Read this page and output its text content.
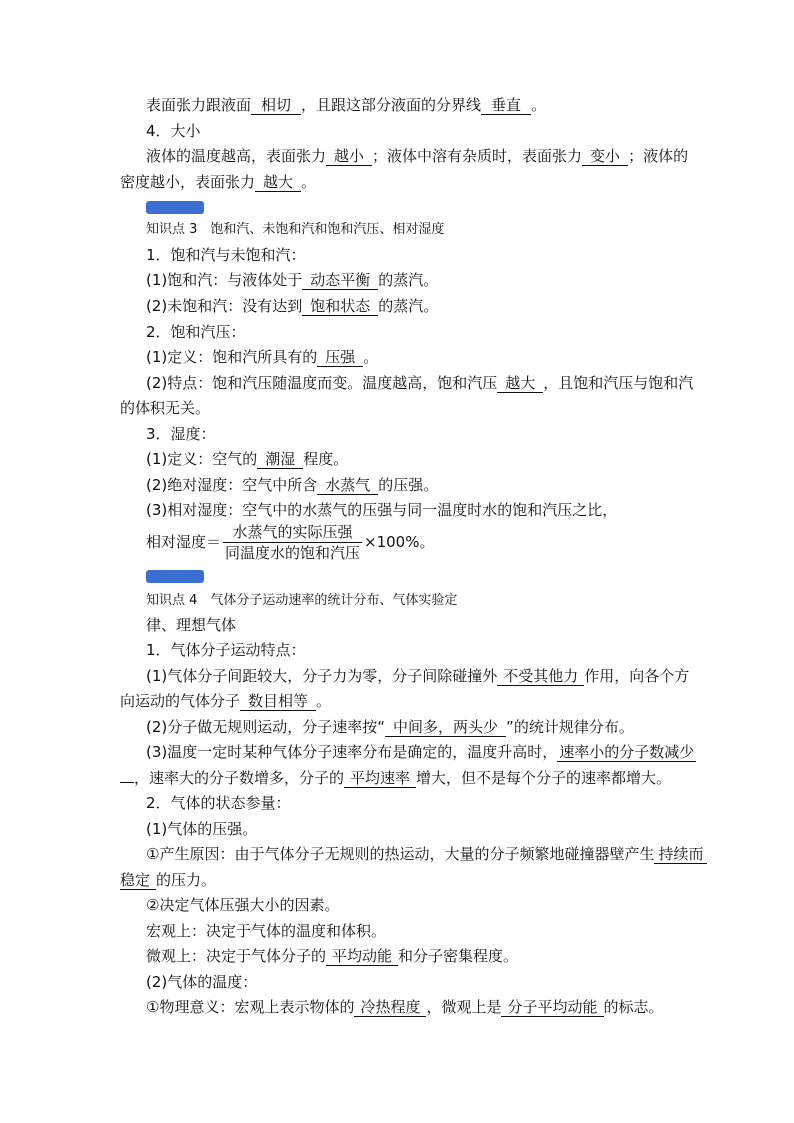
表面张力跟液面 相切 ，且跟这部分液面的分界线 垂直 。
4．大小
液体的温度越高，表面张力 越小 ；液体中溶有杂质时，表面张力 变小 ；液体的
密度越小，表面张力 越大 。
知识点 3　饱和汽、未饱和汽和饱和汽压、相对湿度
1．饱和汽与未饱和汽：
(1)饱和汽：与液体处于 动态平衡 的蒸汽。
(2)未饱和汽：没有达到 饱和状态 的蒸汽。
2．饱和汽压：
(1)定义：饱和汽所具有的 压强 。
(2)特点：饱和汽压随温度而变。温度越高，饱和汽压 越大 ，且饱和汽压与饱和汽
的体积无关。
3．湿度：
(1)定义：空气的 潮湿 程度。
(2)绝对湿度：空气中所含 水蒸气 的压强。
(3)相对湿度：空气中的水蒸气的压强与同一温度时水的饱和汽压之比，
相对湿度＝ $\frac{\text{水蒸气的实际压强}}{\text{同温度水的饱和汽压}} \times 100\%$。
知识点 4　气体分子运动速率的统计分布、气体实验定
律、理想气体
1．气体分子运动特点：
(1)气体分子间距较大，分子力为零，分子间除碰撞外 不受其他力 作用，向各个方
向运动的气体分子 数目相等 。
(2)分子做无规则运动，分子速率按“ 中间多，两头少 ”的统计规律分布。
(3)温度一定时某种气体分子速率分布是确定的，温度升高时， 速率小的分子数减少
，速率大的分子数增多，分子的 平均速率 增大，但不是每个分子的速率都增大。
2．气体的状态参量：
(1)气体的压强。
①产生原因：由于气体分子无规则的热运动，大量的分子频繁地碰撞器壁产生 持续而
稳定 的压力。
②决定气体压强大小的因素。
宏观上：决定于气体的温度和体积。
微观上：决定于气体分子的 平均动能 和分子密集程度。
(2)气体的温度：
①物理意义：宏观上表示物体的 冷热程度 ，微观上是 分子平均动能 的标志。
